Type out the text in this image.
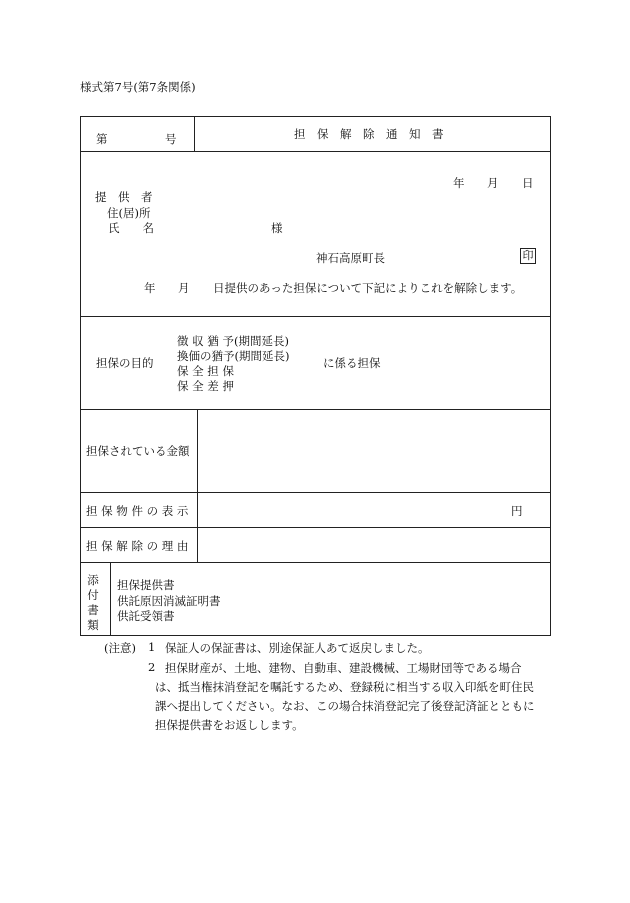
様式第7号(第7条関係)
第	号	担　保　解　除　通　知　書
年 月 日
提　供　者
住(居)所
氏　　名	様
神石高原町長	印
年 月 日提供のあった担保について下記によりこれを解除します。
担保の目的
徴 収 猶 予(期間延長)
換価の猶予(期間延長)
保 全 担 保
保 全 差 押
に係る担保
担保されている金額
担 保 物 件 の 表 示	円
担 保 解 除 の 理 由
添付書類
担保提供書
供託原因消滅証明書
供託受領書
(注意) 1 保証人の保証書は、別途保証人あて返戻しました。
2 担保財産が、土地、建物、自動車、建設機械、工場財団等である場合
は、抵当権抹消登記を嘱託するため、登録税に相当する収入印紙を町住民
課へ提出してください。なお、この場合抹消登記完了後登記済証とともに
担保提供書をお返しします。
